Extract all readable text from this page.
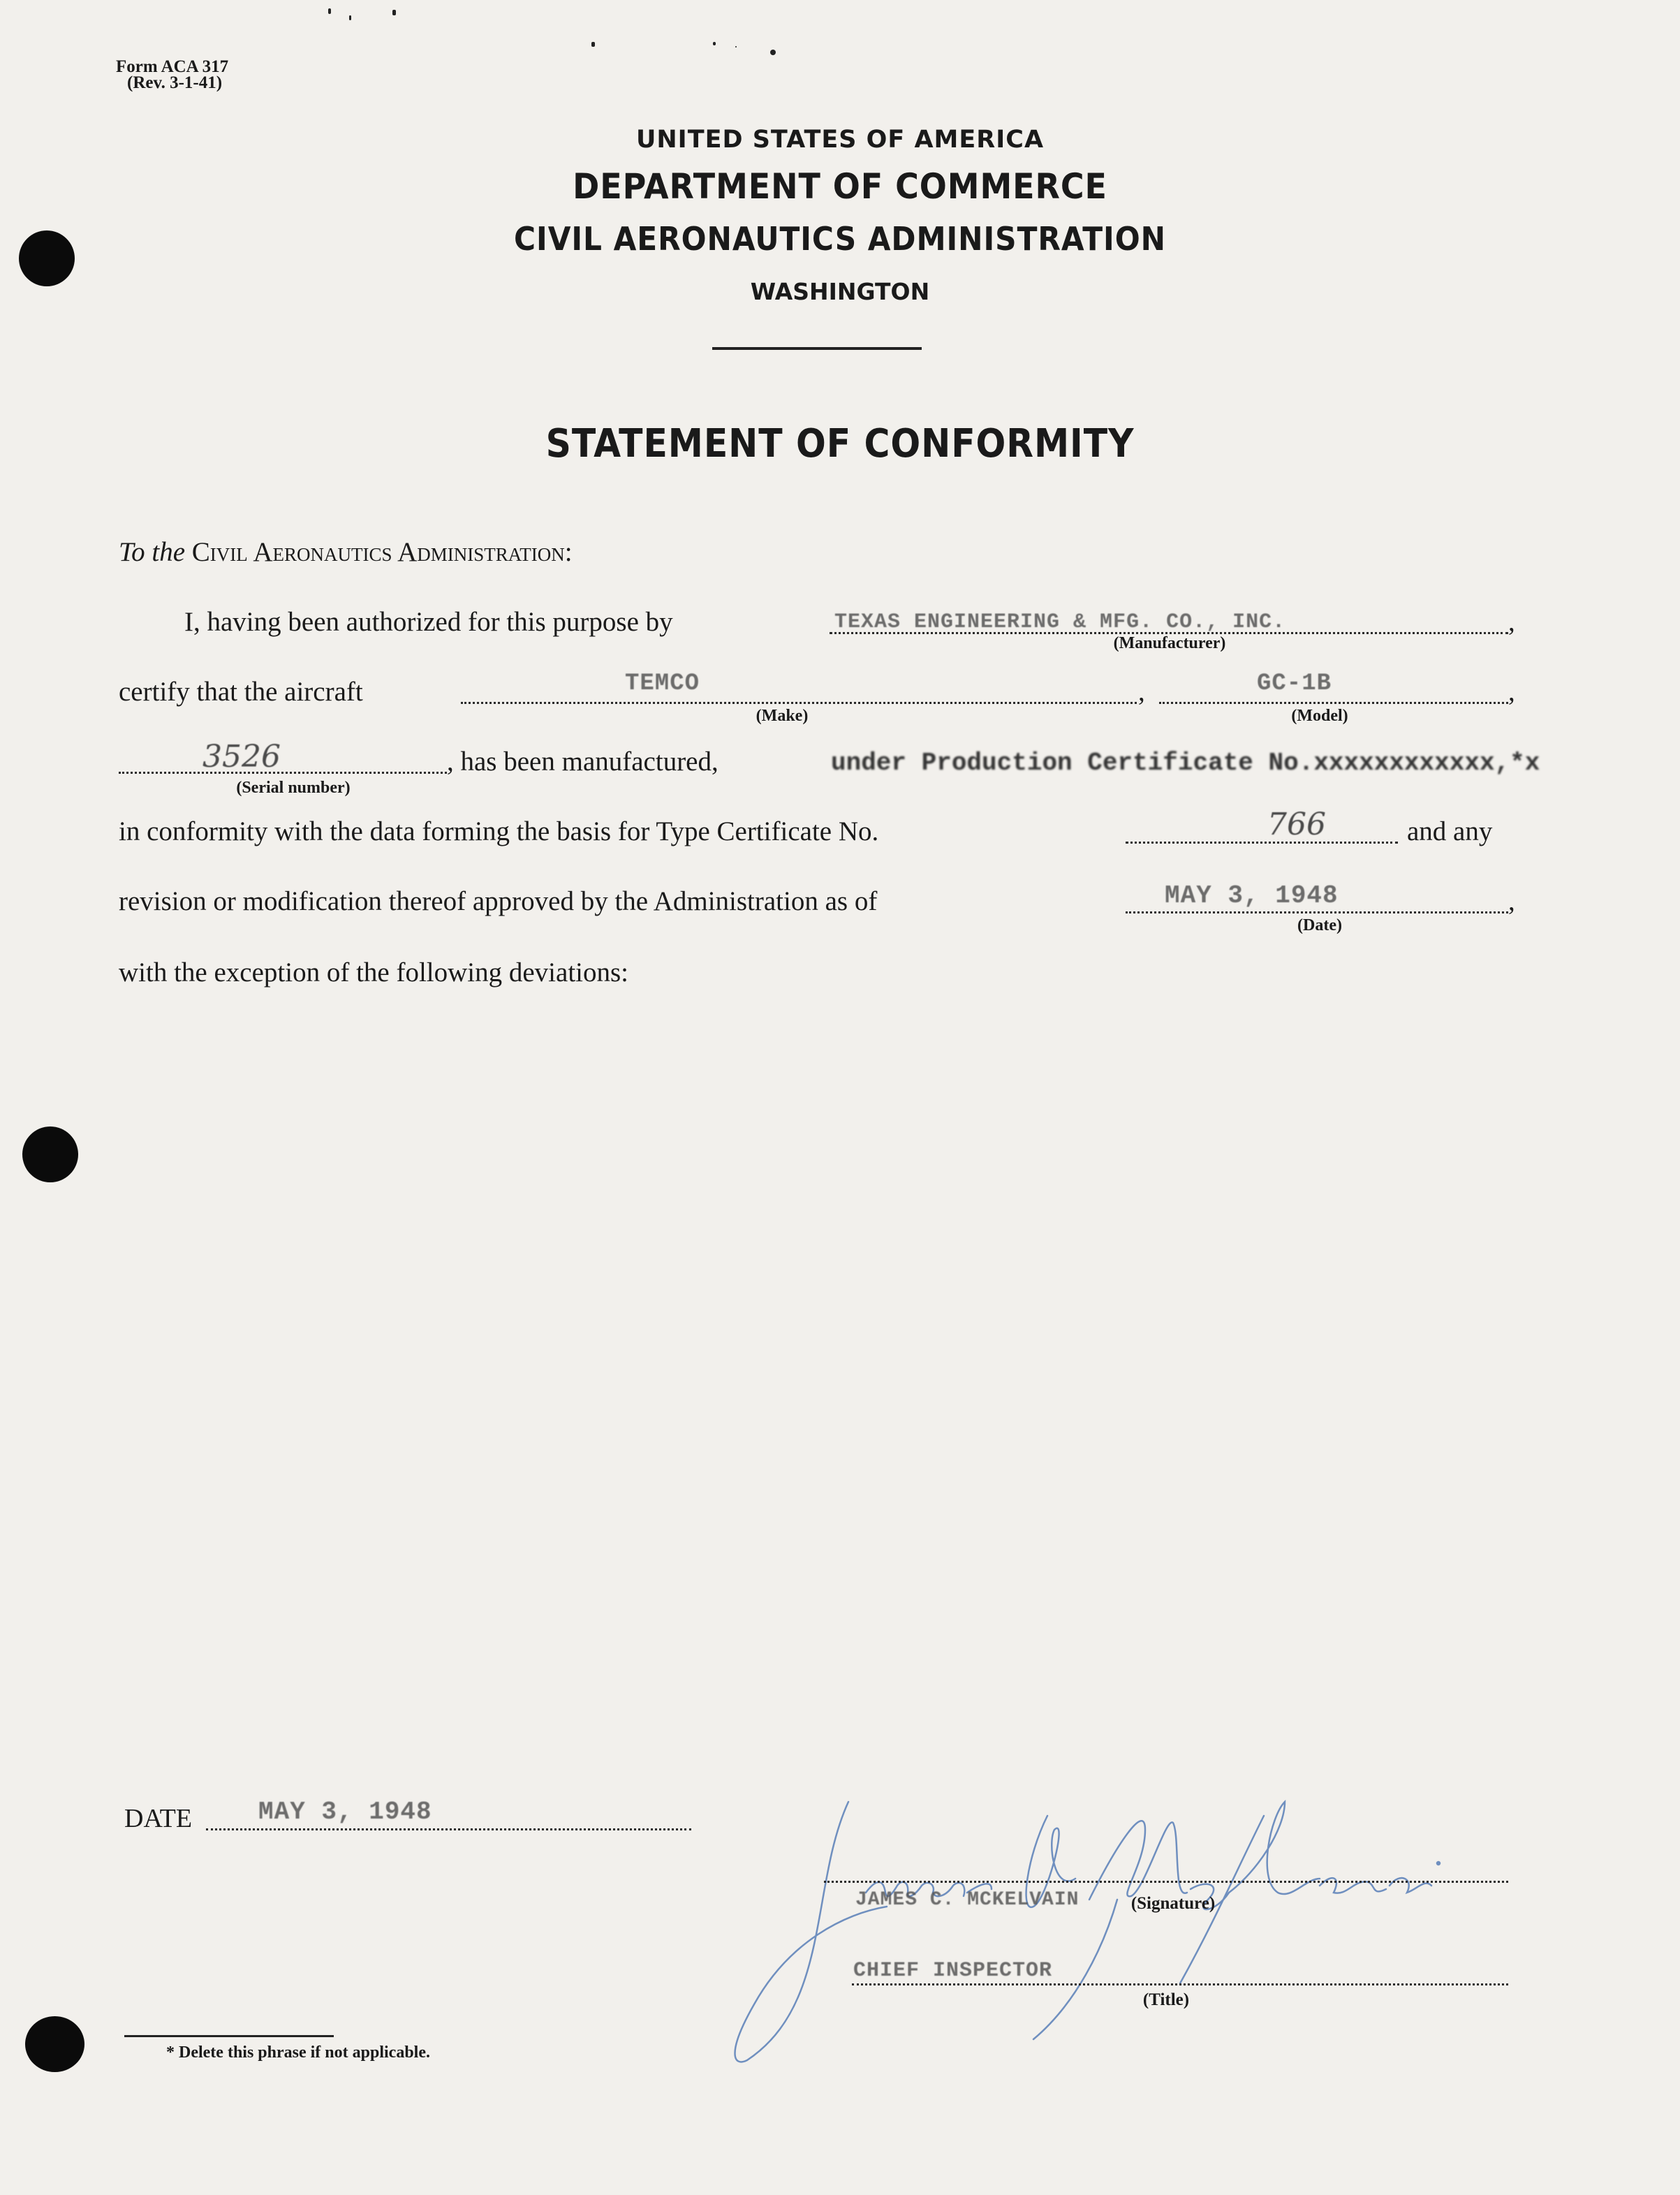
Form ACA 317
(Rev. 3-1-41)
UNITED STATES OF AMERICA
DEPARTMENT OF COMMERCE
CIVIL AERONAUTICS ADMINISTRATION
WASHINGTON
STATEMENT OF CONFORMITY
To the Civil Aeronautics Administration:
I, having been authorized for this purpose by	TEXAS ENGINEERING & MFG. CO., INC.	,
(Manufacturer)
certify that the aircraft	TEMCO	,
(Make)
GC-1B	,
(Model)
3526
(Serial number)
, has been manufactured,	under Production Certificate No.xxxxxxxxxxxx,*x
in conformity with the data forming the basis for Type Certificate No.	766	and any
revision or modification thereof approved by the Administration as of	MAY 3, 1948	,
(Date)
with the exception of the following deviations:
DATE	MAY 3, 1948
JAMES C. MCKELVAIN	(Signature)
CHIEF INSPECTOR
(Title)
* Delete this phrase if not applicable.
